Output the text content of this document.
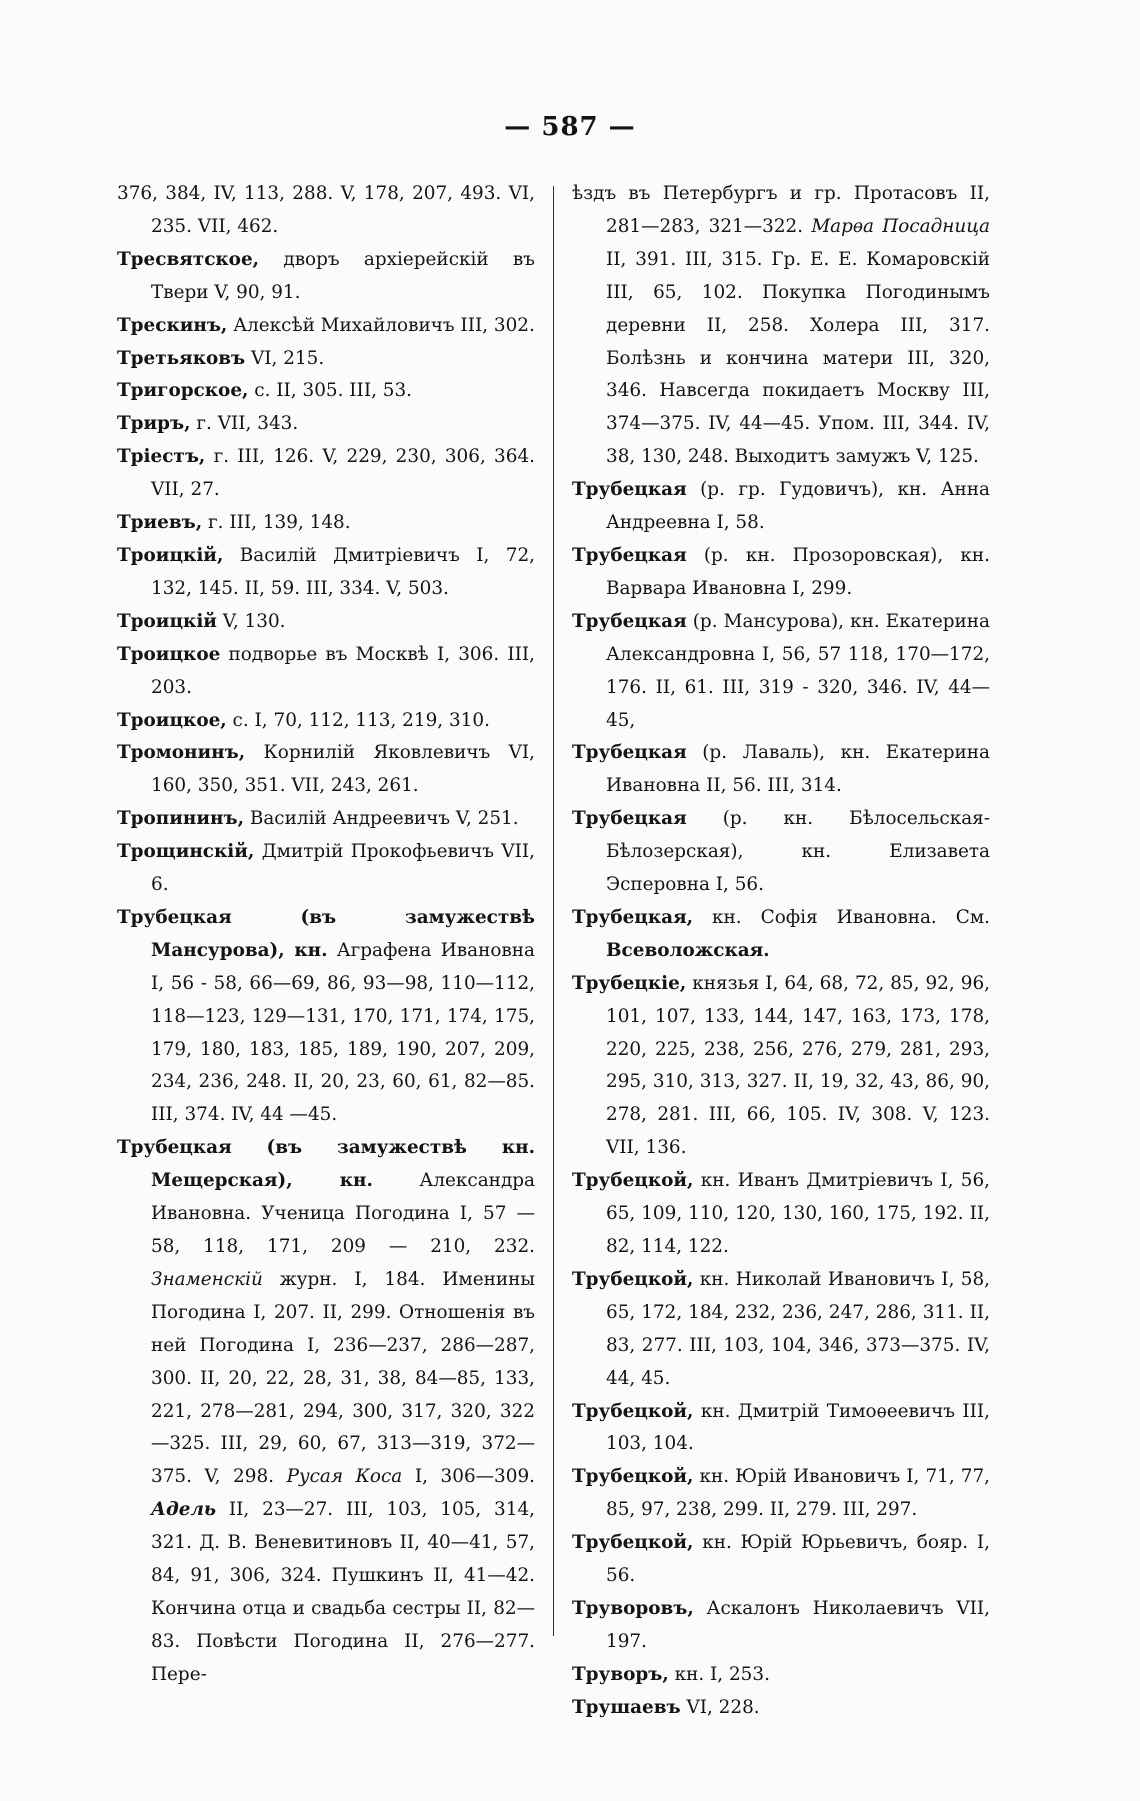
— 587 —

376, 384, IV, 113, 288. V, 178, 207, 493. VI, 235. VII, 462.

Тресвятское, дворъ архіерейскій въ Твери V, 90, 91.

Трескинъ, Алексѣй Михайловичъ III, 302.

Третьяковъ VI, 215.

Тригорское, с. II, 305. III, 53.

Триръ, г. VII, 343.

Тріестъ, г. III, 126. V, 229, 230, 306, 364. VII, 27.

Триевъ, г. III, 139, 148.

Троицкій, Василій Дмитріевичъ I, 72, 132, 145. II, 59. III, 334. V, 503.

Троицкій V, 130.

Троицкое подворье въ Москвѣ I, 306. III, 203.

Троицкое, с. I, 70, 112, 113, 219, 310.

Тромонинъ, Корнилій Яковлевичъ VI, 160, 350, 351. VII, 243, 261.

Тропининъ, Василій Андреевичъ V, 251.

Трощинскій, Дмитрій Прокофьевичъ VII, 6.

Трубецкая (въ замужествѣ Мансурова), кн. Аграфена Ивановна I, 56 - 58, 66—69, 86, 93—98, 110—112, 118—123, 129—131, 170, 171, 174, 175, 179, 180, 183, 185, 189, 190, 207, 209, 234, 236, 248. II, 20, 23, 60, 61, 82—85. III, 374. IV, 44 —45.

Трубецкая (въ замужествѣ кн. Мещерская), кн. Александра Ивановна. Ученица Погодина I, 57 — 58, 118, 171, 209 — 210, 232. Знаменскій журн. I, 184. Именины Погодина I, 207. II, 299. Отношенія въ ней Погодина I, 236—237, 286—287, 300. II, 20, 22, 28, 31, 38, 84—85, 133, 221, 278—281, 294, 300, 317, 320, 322—325. III, 29, 60, 67, 313—319, 372—375. V, 298. Русая Коса I, 306—309. Адель II, 23—27. III, 103, 105, 314, 321. Д. В. Веневитиновъ II, 40—41, 57, 84, 91, 306, 324. Пушкинъ II, 41—42. Кончина отца и свадьба сестры II, 82—83. Повѣсти Погодина II, 276—277. Пере-

ѣздъ въ Петербургъ и гр. Протасовъ II, 281—283, 321—322. Марѳа Посадница II, 391. III, 315. Гр. Е. Е. Комаровскій III, 65, 102. Покупка Погодинымъ деревни II, 258. Холера III, 317. Болѣзнь и кончина матери III, 320, 346. Навсегда покидаетъ Москву III, 374—375. IV, 44—45. Упом. III, 344. IV, 38, 130, 248. Выходитъ замужъ V, 125.

Трубецкая (р. гр. Гудовичъ), кн. Анна Андреевна I, 58.

Трубецкая (р. кн. Прозоровская), кн. Варвара Ивановна I, 299.

Трубецкая (р. Мансурова), кн. Екатерина Александровна I, 56, 57 118, 170—172, 176. II, 61. III, 319 - 320, 346. IV, 44—45,

Трубецкая (р. Лаваль), кн. Екатерина Ивановна II, 56. III, 314.

Трубецкая (р. кн. Бѣлосельская-Бѣлозерская), кн. Елизавета Эсперовна I, 56.

Трубецкая, кн. Софія Ивановна. См. Всеволожская.

Трубецкіе, князья I, 64, 68, 72, 85, 92, 96, 101, 107, 133, 144, 147, 163, 173, 178, 220, 225, 238, 256, 276, 279, 281, 293, 295, 310, 313, 327. II, 19, 32, 43, 86, 90, 278, 281. III, 66, 105. IV, 308. V, 123. VII, 136.

Трубецкой, кн. Иванъ Дмитріевичъ I, 56, 65, 109, 110, 120, 130, 160, 175, 192. II, 82, 114, 122.

Трубецкой, кн. Николай Ивановичъ I, 58, 65, 172, 184, 232, 236, 247, 286, 311. II, 83, 277. III, 103, 104, 346, 373—375. IV, 44, 45.

Трубецкой, кн. Дмитрій Тимоѳеевичъ III, 103, 104.

Трубецкой, кн. Юрій Ивановичъ I, 71, 77, 85, 97, 238, 299. II, 279. III, 297.

Трубецкой, кн. Юрій Юрьевичъ, бояр. I, 56.

Труворовъ, Аскалонъ Николаевичъ VII, 197.

Труворъ, кн. I, 253.

Трушаевъ VI, 228.
